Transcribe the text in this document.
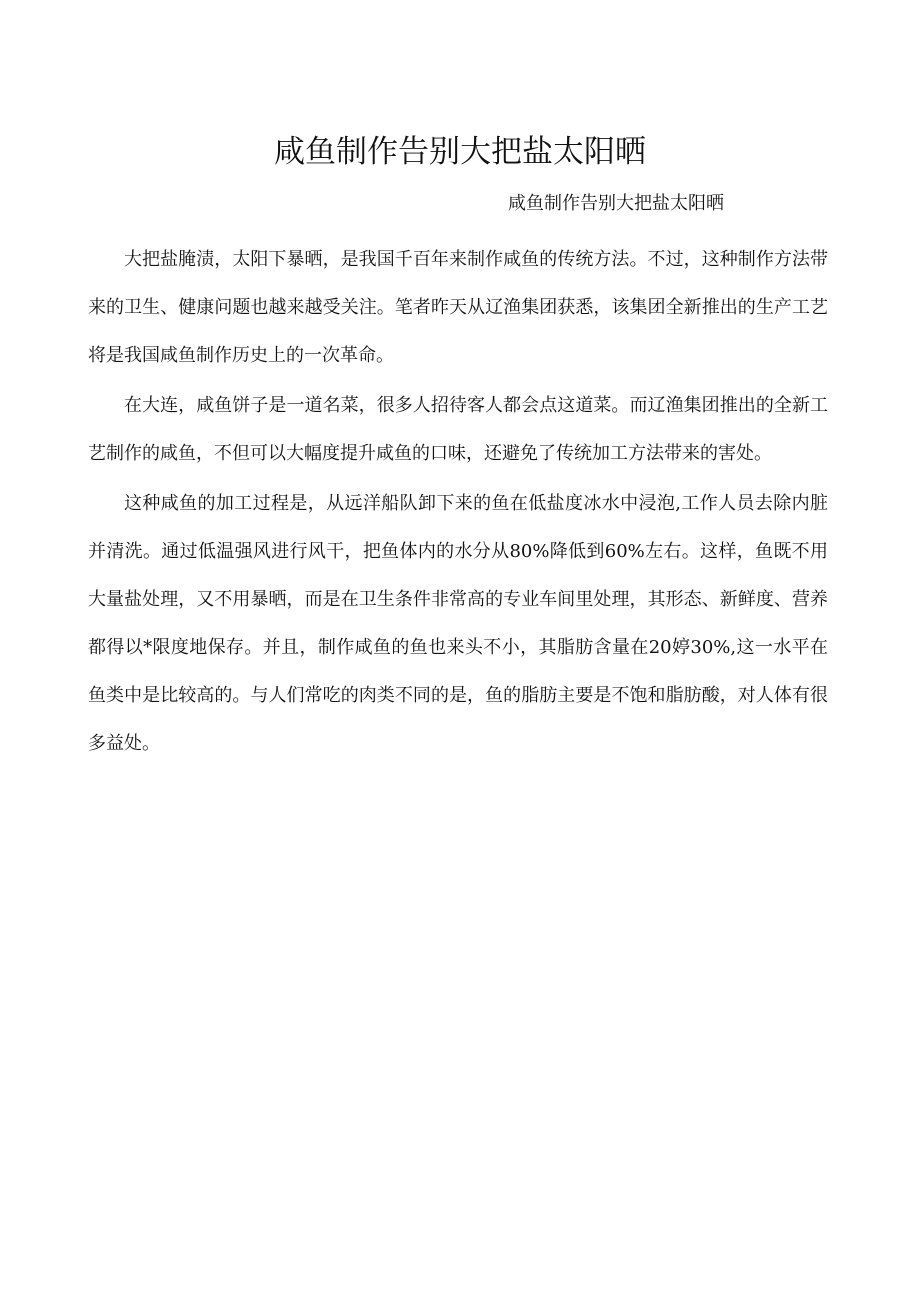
咸鱼制作告别大把盐太阳晒
咸鱼制作告别大把盐太阳晒

大把盐腌渍，太阳下暴晒，是我国千百年来制作咸鱼的传统方法。不过，这种制作方法带来的卫生、健康问题也越来越受关注。笔者昨天从辽渔集团获悉，该集团全新推出的生产工艺将是我国咸鱼制作历史上的一次革命。

在大连，咸鱼饼子是一道名菜，很多人招待客人都会点这道菜。而辽渔集团推出的全新工艺制作的咸鱼，不但可以大幅度提升咸鱼的口味，还避免了传统加工方法带来的害处。

这种咸鱼的加工过程是，从远洋船队卸下来的鱼在低盐度冰水中浸泡,工作人员去除内脏并清洗。通过低温强风进行风干，把鱼体内的水分从80%降低到60%左右。这样，鱼既不用大量盐处理，又不用暴晒，而是在卫生条件非常高的专业车间里处理，其形态、新鲜度、营养都得以*限度地保存。并且，制作咸鱼的鱼也来头不小，其脂肪含量在20婷30%,这一水平在鱼类中是比较高的。与人们常吃的肉类不同的是，鱼的脂肪主要是不饱和脂肪酸，对人体有很多益处。
